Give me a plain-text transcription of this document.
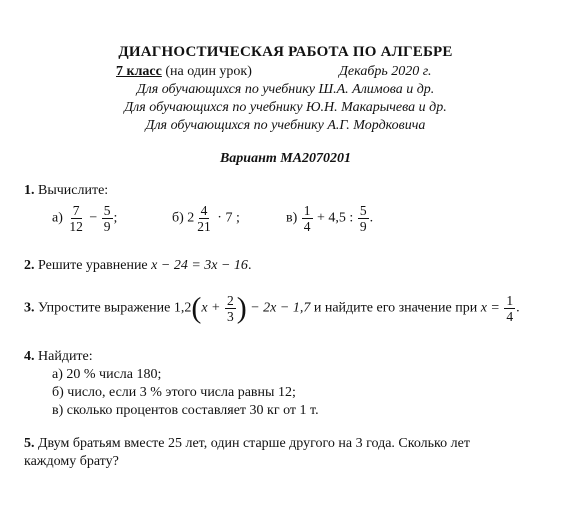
ДИАГНОСТИЧЕСКАЯ РАБОТА ПО АЛГЕБРЕ
7 класс (на один урок)	Декабрь 2020 г.
Для обучающихся по учебнику Ш.А. Алимова и др.
Для обучающихся по учебнику Ю.Н. Макарычева и др.
Для обучающихся по учебнику А.Г. Мордковича
Вариант МА2070201
1. Вычислите:
$а) \frac{7}{12} - \frac{5}{9}$ ;	б) $2 \frac{4}{21} \cdot 7$ ;	$в) \frac{1}{4} + 4,5$ : $\frac{5}{9}$ .
2. Решите уравнение x − 24 = 3x − 16.
3. Упростите выражение $1,2(x + \frac{2}{3}$ ) − 2x − 1,7 и найдите его значение при $x = \frac{1}{4}$ .
4. Найдите:
а) 20 % числа 180;
б) число, если 3 % этого числа равны 12;
в) сколько процентов составляет 30 кг от 1 т.
5. Двум братьям вместе 25 лет, один старше другого на 3 года. Сколько лет
каждому брату?
